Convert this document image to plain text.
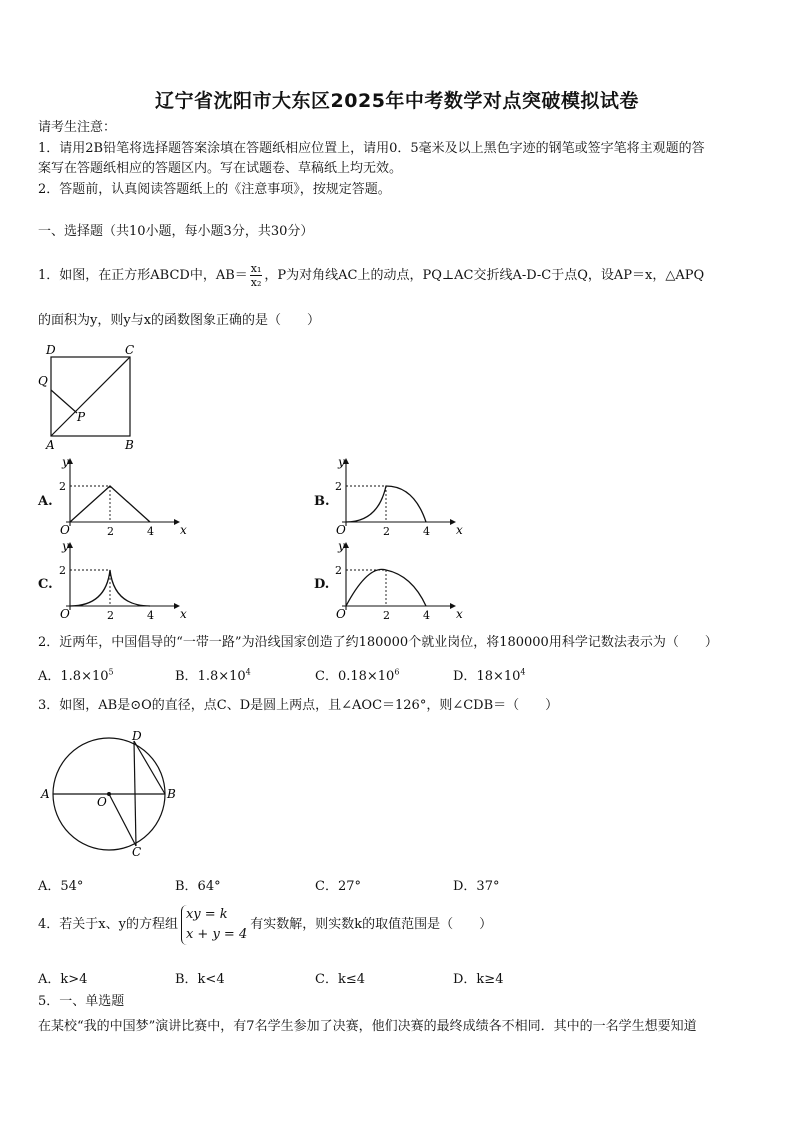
辽宁省沈阳市大东区2025年中考数学对点突破模拟试卷
请考生注意：
1．请用2B铅笔将选择题答案涂填在答题纸相应位置上，请用0．5毫米及以上黑色字迹的钢笔或签字笔将主观题的答
案写在答题纸相应的答题区内。写在试题卷、草稿纸上均无效。
2．答题前，认真阅读答题纸上的《注意事项》，按规定答题。
一、选择题（共10小题，每小题3分，共30分）
1．如图，在正方形ABCD中，$AB= \frac{\text{x₁}}{\text{x₂}}$ ，P为对角线AC上的动点，PQ⊥AC交折线A-D-C于点Q，设AP＝x，△APQ
的面积为y，则y与x的函数图象正确的是（　　）
D	C
Q
P
A	B
A.	B.
C.	D.
y
x
O
2
2	4
y
x
O
2
2	4
y
x
O
2
2	4
y
x
O
2
2	4
2．近两年，中国倡导的“一带一路”为沿线国家创造了约180000个就业岗位，将180000用科学记数法表示为（　　）
A．$1.8\times 10^5$	B．$1.8\times 10^4$	C．$0.18\times 10^6$	D．$18\times 10^4$
3．如图，AB是⊙O的直径，点C、D是圆上两点，且∠AOC＝126°，则∠CDB＝（　　）
A	B
C
D
O
A．54°	B．64°	C．27°	D．37°
4．若关于x、y的方程组
xy = k
x + y = 4
有实数解，则实数k的取值范围是（　　）
A．k>4	B．k<4	C．k≤4	D．k≥4
5．一、单选题
在某校“我的中国梦”演讲比赛中，有7名学生参加了决赛，他们决赛的最终成绩各不相同．其中的一名学生想要知道
